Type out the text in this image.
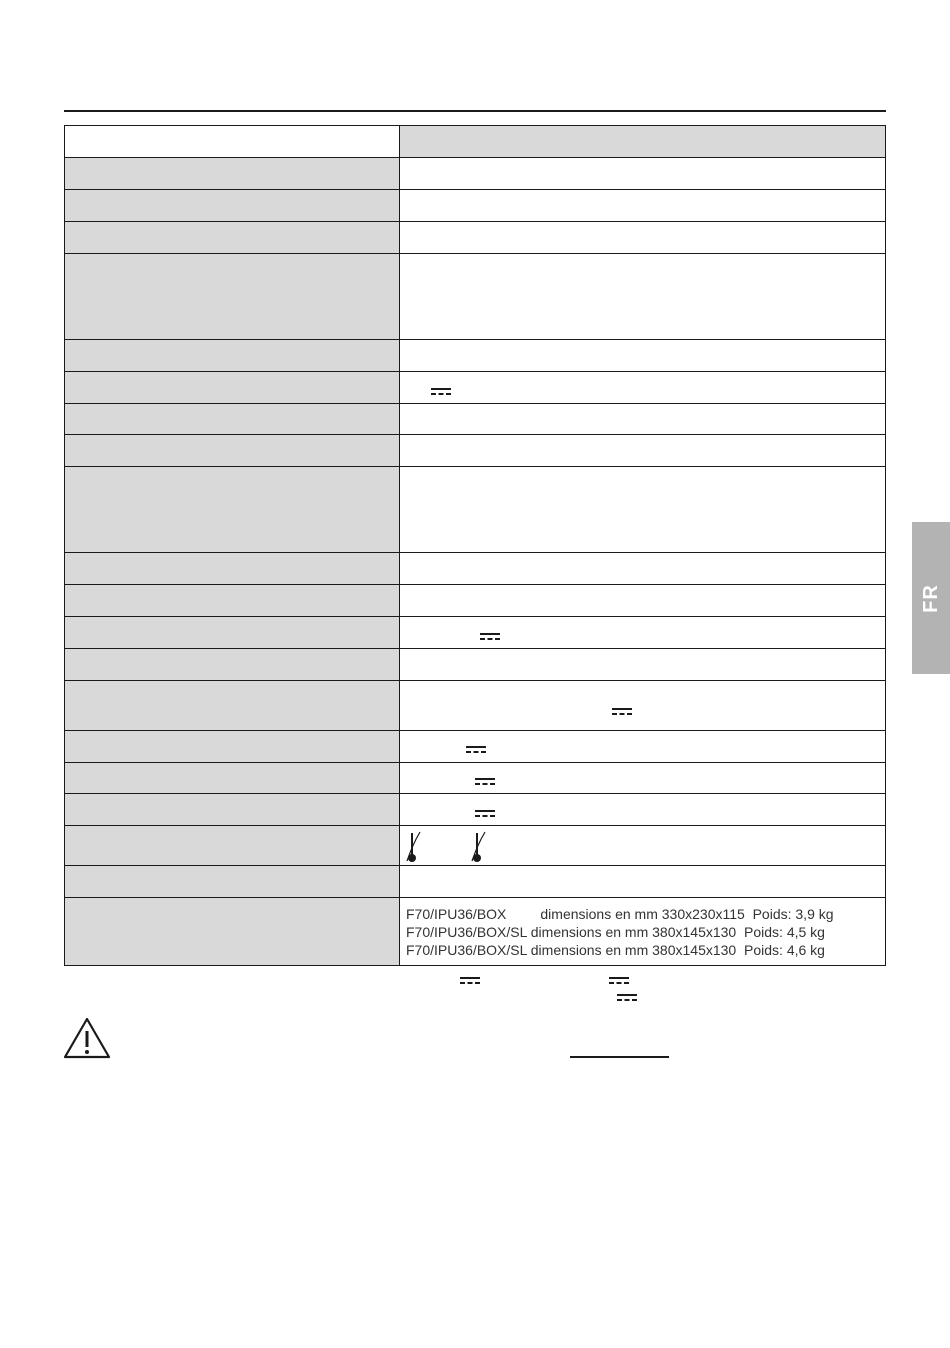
	F70/IPU36/BOX dimensions en mm 330x230x115 Poids: 3,9 kg
F70/IPU36/BOX/SL dimensions en mm 380x145x130 Poids: 4,5 kg
F70/IPU36/BOX/SL dimensions en mm 380x145x130 Poids: 4,6 kg
FR
